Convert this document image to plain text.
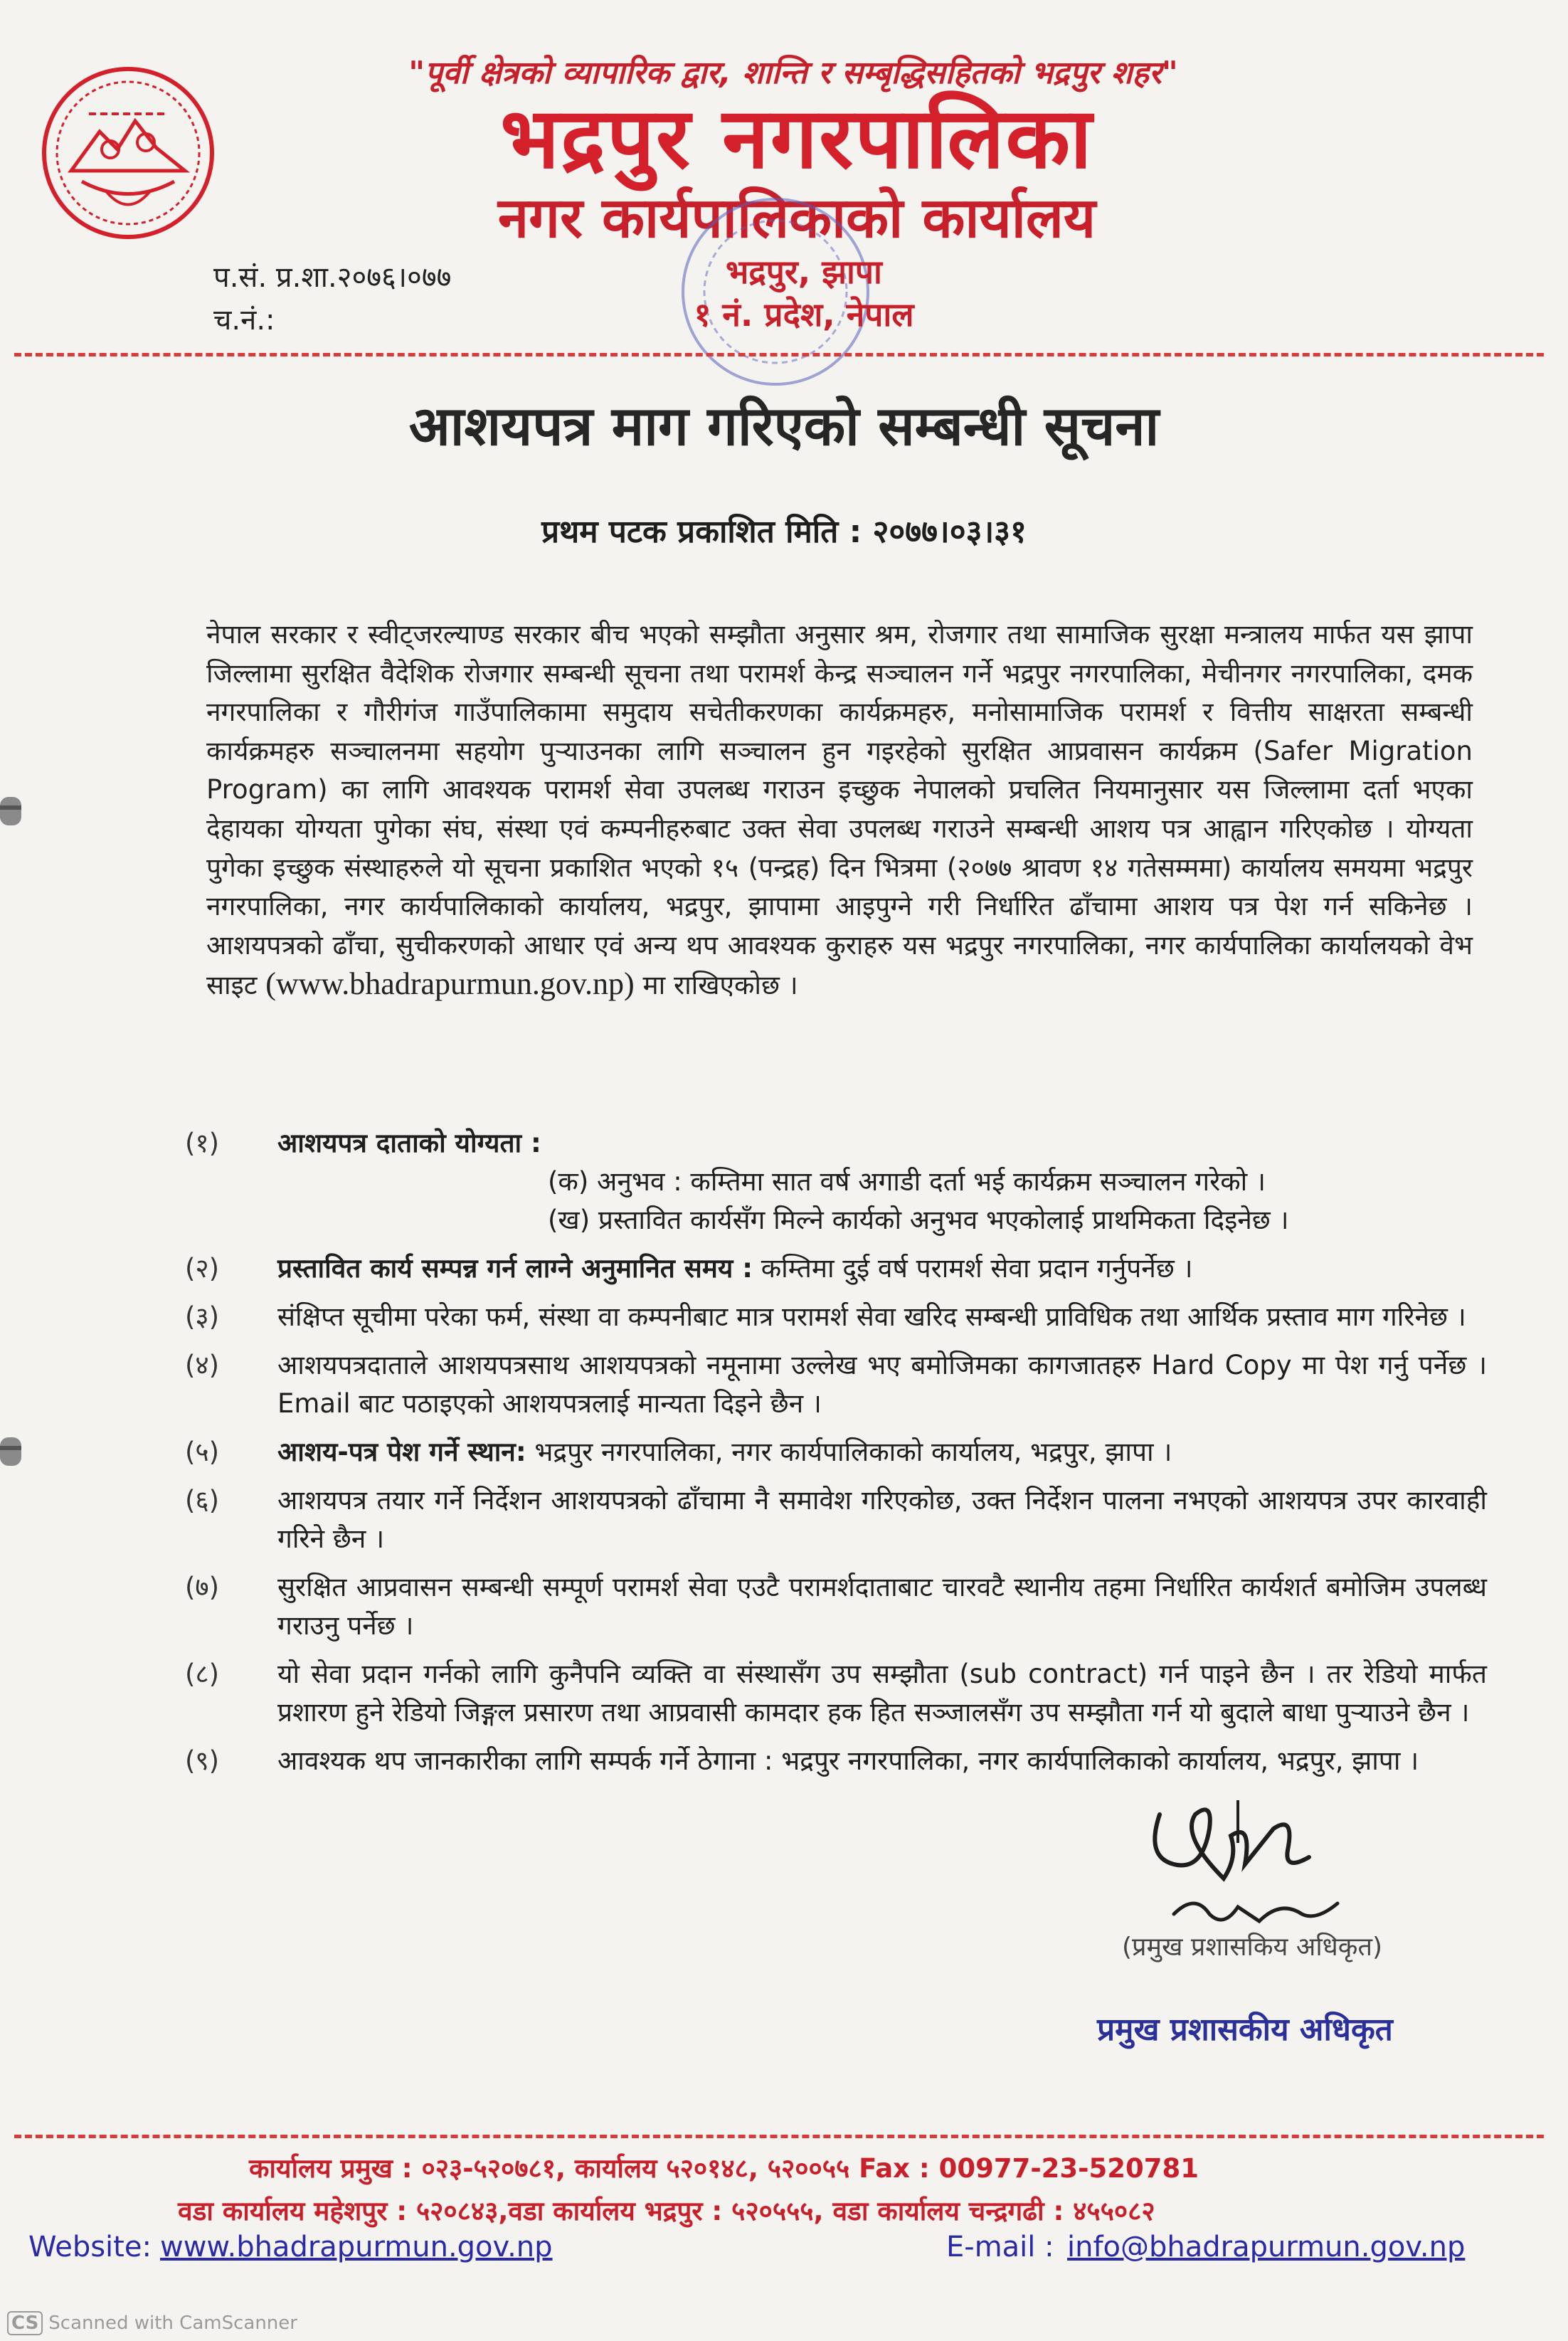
"पूर्वी क्षेत्रको व्यापारिक द्वार, शान्ति र सम्बृद्धिसहितको भद्रपुर शहर"
भद्रपुर नगरपालिका
नगर कार्यपालिकाको कार्यालय
प.सं. प्र.शा.२०७६।०७७
च.नं.:
भद्रपुर, झापा
१ नं. प्रदेश, नेपाल
आशयपत्र माग गरिएको सम्बन्धी सूचना
प्रथम पटक प्रकाशित मिति : २०७७।०३।३१
नेपाल सरकार र स्वीट्जरल्याण्ड सरकार बीच भएको सम्झौता अनुसार श्रम, रोजगार तथा सामाजिक सुरक्षा मन्त्रालय मार्फत यस झापा जिल्लामा सुरक्षित वैदेशिक रोजगार सम्बन्धी सूचना तथा परामर्श केन्द्र सञ्चालन गर्ने भद्रपुर नगरपालिका, मेचीनगर नगरपालिका, दमक नगरपालिका र गौरीगंज गाउँपालिकामा समुदाय सचेतीकरणका कार्यक्रमहरु, मनोसामाजिक परामर्श र वित्तीय साक्षरता सम्बन्धी कार्यक्रमहरु सञ्चालनमा सहयोग पुऱ्याउनका लागि सञ्चालन हुन गइरहेको सुरक्षित आप्रवासन कार्यक्रम (Safer Migration Program) का लागि आवश्यक परामर्श सेवा उपलब्ध गराउन इच्छुक नेपालको प्रचलित नियमानुसार यस जिल्लामा दर्ता भएका देहायका योग्यता पुगेका संघ, संस्था एवं कम्पनीहरुबाट उक्त सेवा उपलब्ध गराउने सम्बन्धी आशय पत्र आह्वान गरिएकोछ । योग्यता पुगेका इच्छुक संस्थाहरुले यो सूचना प्रकाशित भएको १५ (पन्द्रह) दिन भित्रमा (२०७७ श्रावण १४ गतेसम्ममा) कार्यालय समयमा भद्रपुर नगरपालिका, नगर कार्यपालिकाको कार्यालय, भद्रपुर, झापामा आइपुग्ने गरी निर्धारित ढाँचामा आशय पत्र पेश गर्न सकिनेछ । आशयपत्रको ढाँचा, सुचीकरणको आधार एवं अन्य थप आवश्यक कुराहरु यस भद्रपुर नगरपालिका, नगर कार्यपालिका कार्यालयको वेभ साइट (www.bhadrapurmun.gov.np) मा राखिएकोछ ।
(१)	आशयपत्र दाताको योग्यता :
(क) अनुभव : कम्तिमा सात वर्ष अगाडी दर्ता भई कार्यक्रम सञ्चालन गरेको ।
(ख) प्रस्तावित कार्यसँग मिल्ने कार्यको अनुभव भएकोलाई प्राथमिकता दिइनेछ ।
(२)	प्रस्तावित कार्य सम्पन्न गर्न लाग्ने अनुमानित समय : कम्तिमा दुई वर्ष परामर्श सेवा प्रदान गर्नुपर्नेछ ।
(३)	संक्षिप्त सूचीमा परेका फर्म, संस्था वा कम्पनीबाट मात्र परामर्श सेवा खरिद सम्बन्धी प्राविधिक तथा आर्थिक प्रस्ताव माग गरिनेछ ।
(४)	आशयपत्रदाताले आशयपत्रसाथ आशयपत्रको नमूनामा उल्लेख भए बमोजिमका कागजातहरु Hard Copy मा पेश गर्नु पर्नेछ । Email बाट पठाइएको आशयपत्रलाई मान्यता दिइने छैन ।
(५)	आशय-पत्र पेश गर्ने स्थान: भद्रपुर नगरपालिका, नगर कार्यपालिकाको कार्यालय, भद्रपुर, झापा ।
(६)	आशयपत्र तयार गर्ने निर्देशन आशयपत्रको ढाँचामा नै समावेश गरिएकोछ, उक्त निर्देशन पालना नभएको आशयपत्र उपर कारवाही गरिने छैन ।
(७)	सुरक्षित आप्रवासन सम्बन्धी सम्पूर्ण परामर्श सेवा एउटै परामर्शदाताबाट चारवटै स्थानीय तहमा निर्धारित कार्यशर्त बमोजिम उपलब्ध गराउनु पर्नेछ ।
(८)	यो सेवा प्रदान गर्नको लागि कुनैपनि व्यक्ति वा संस्थासँग उप सम्झौता (sub contract) गर्न पाइने छैन । तर रेडियो मार्फत प्रशारण हुने रेडियो जिङ्गल प्रसारण तथा आप्रवासी कामदार हक हित सञ्जालसँग उप सम्झौता गर्न यो बुदाले बाधा पुऱ्याउने छैन ।
(९)	आवश्यक थप जानकारीका लागि सम्पर्क गर्ने ठेगाना : भद्रपुर नगरपालिका, नगर कार्यपालिकाको कार्यालय, भद्रपुर, झापा ।
(प्रमुख प्रशासकिय अधिकृत)
प्रमुख प्रशासकीय अधिकृत
कार्यालय प्रमुख : ०२३-५२०७८१, कार्यालय ५२०१४८, ५२००५५ Fax : 00977-23-520781
वडा कार्यालय महेशपुर : ५२०८४३,वडा कार्यालय भद्रपुर : ५२०५५५, वडा कार्यालय चन्द्रगढी : ४५५०८२
Website: www.bhadrapurmun.gov.np	E-mail : info@bhadrapurmun.gov.np
CS Scanned with CamScanner
